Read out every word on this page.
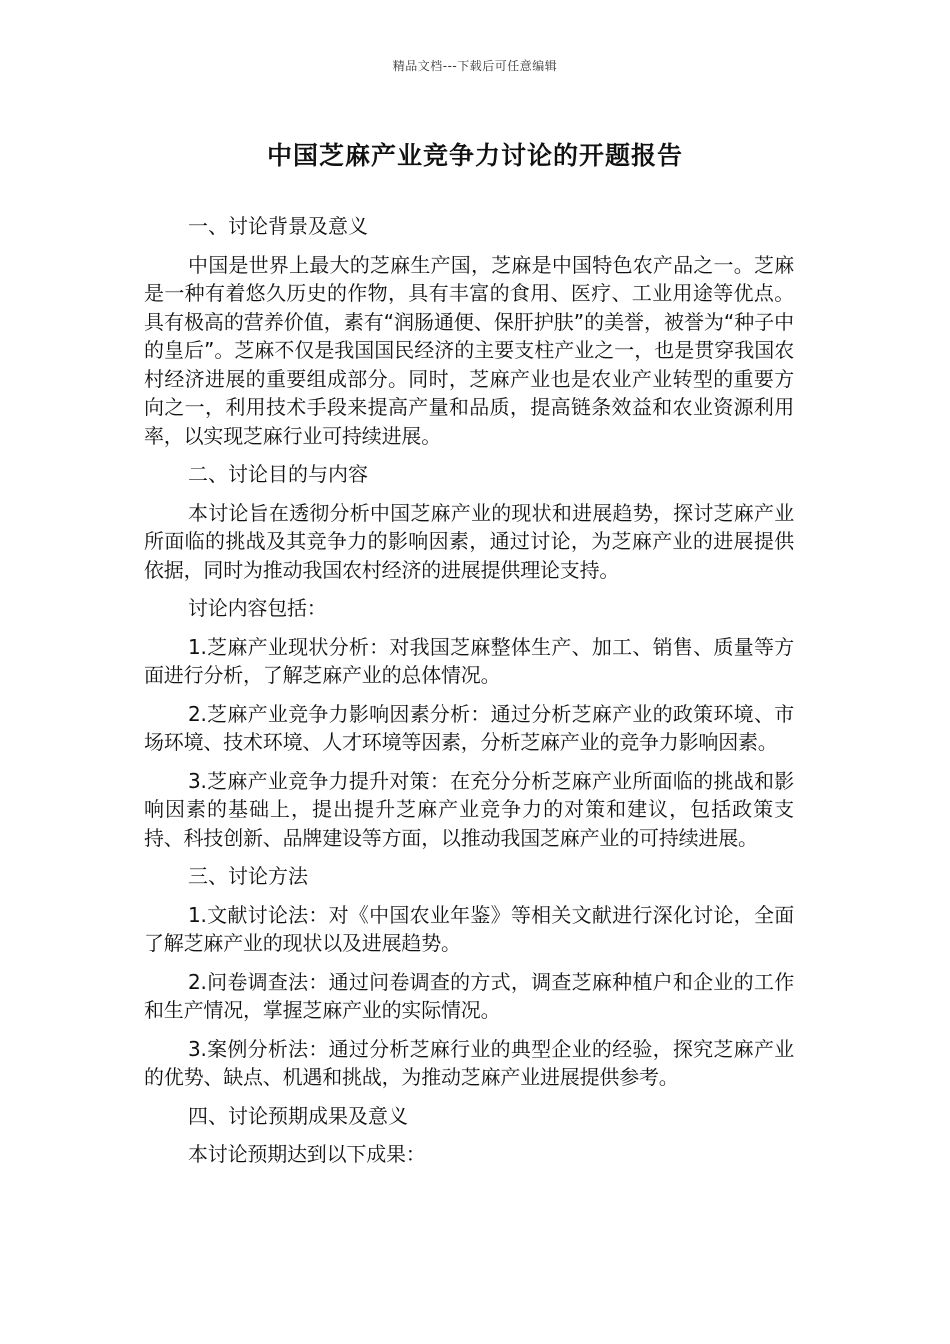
精品文档---下载后可任意编辑
中国芝麻产业竞争力讨论的开题报告
一、讨论背景及意义
中国是世界上最大的芝麻生产国，芝麻是中国特色农产品之一。芝麻是一种有着悠久历史的作物，具有丰富的食用、医疗、工业用途等优点。具有极高的营养价值，素有“润肠通便、保肝护肤”的美誉，被誉为“种子中的皇后”。芝麻不仅是我国国民经济的主要支柱产业之一，也是贯穿我国农村经济进展的重要组成部分。同时，芝麻产业也是农业产业转型的重要方向之一，利用技术手段来提高产量和品质，提高链条效益和农业资源利用率，以实现芝麻行业可持续进展。
二、讨论目的与内容
本讨论旨在透彻分析中国芝麻产业的现状和进展趋势，探讨芝麻产业所面临的挑战及其竞争力的影响因素，通过讨论，为芝麻产业的进展提供依据，同时为推动我国农村经济的进展提供理论支持。
讨论内容包括：
1.芝麻产业现状分析：对我国芝麻整体生产、加工、销售、质量等方面进行分析，了解芝麻产业的总体情况。
2.芝麻产业竞争力影响因素分析：通过分析芝麻产业的政策环境、市场环境、技术环境、人才环境等因素，分析芝麻产业的竞争力影响因素。
3.芝麻产业竞争力提升对策：在充分分析芝麻产业所面临的挑战和影响因素的基础上，提出提升芝麻产业竞争力的对策和建议，包括政策支持、科技创新、品牌建设等方面，以推动我国芝麻产业的可持续进展。
三、讨论方法
1.文献讨论法：对《中国农业年鉴》等相关文献进行深化讨论，全面了解芝麻产业的现状以及进展趋势。
2.问卷调查法：通过问卷调查的方式，调查芝麻种植户和企业的工作和生产情况，掌握芝麻产业的实际情况。
3.案例分析法：通过分析芝麻行业的典型企业的经验，探究芝麻产业的优势、缺点、机遇和挑战，为推动芝麻产业进展提供参考。
四、讨论预期成果及意义
本讨论预期达到以下成果：
